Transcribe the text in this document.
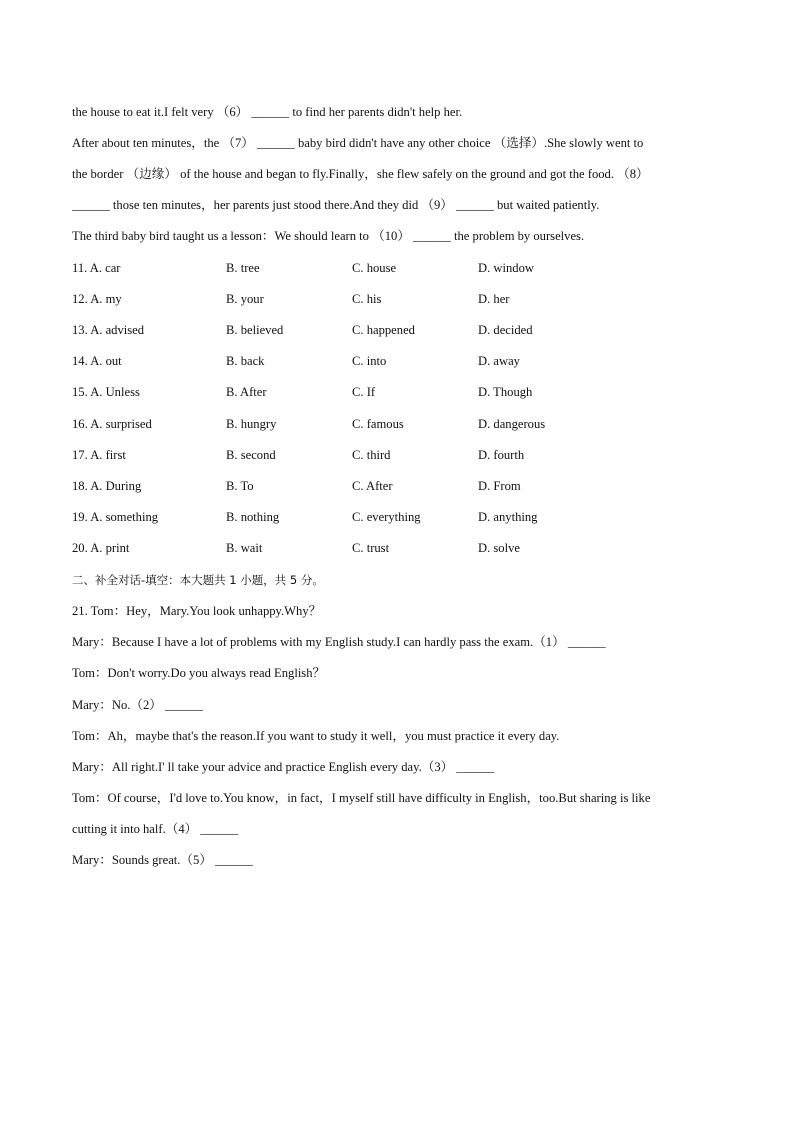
the house to eat it.I felt very （6） ______ to find her parents didn't help her.
After about ten minutes，the （7） ______ baby bird didn't have any other choice （选择）.She slowly went to
the border （边缘） of the house and began to fly.Finally，she flew safely on the ground and got the food. （8）
______ those ten minutes，her parents just stood there.And they did （9） ______ but waited patiently.
The third baby bird taught us a lesson：We should learn to （10） ______ the problem by ourselves.
11. A. car	B. tree	C. house	D. window
12. A. my	B. your	C. his	D. her
13. A. advised	B. believed	C. happened	D. decided
14. A. out	B. back	C. into	D. away
15. A. Unless	B. After	C. If	D. Though
16. A. surprised	B. hungry	C. famous	D. dangerous
17. A. first	B. second	C. third	D. fourth
18. A. During	B. To	C. After	D. From
19. A. something	B. nothing	C. everything	D. anything
20. A. print	B. wait	C. trust	D. solve
二、补全对话-填空：本大题共 1 小题，共 5 分。
21. Tom：Hey，Mary.You look unhappy.Why？
Mary：Because I have a lot of problems with my English study.I can hardly pass the exam.（1） ______
Tom：Don't worry.Do you always read English？
Mary：No.（2） ______
Tom：Ah，maybe that's the reason.If you want to study it well，you must practice it every day.
Mary：All right.I' ll take your advice and practice English every day.（3） ______
Tom：Of course，I'd love to.You know，in fact，I myself still have difficulty in English，too.But sharing is like
cutting it into half.（4） ______
Mary：Sounds great.（5） ______
